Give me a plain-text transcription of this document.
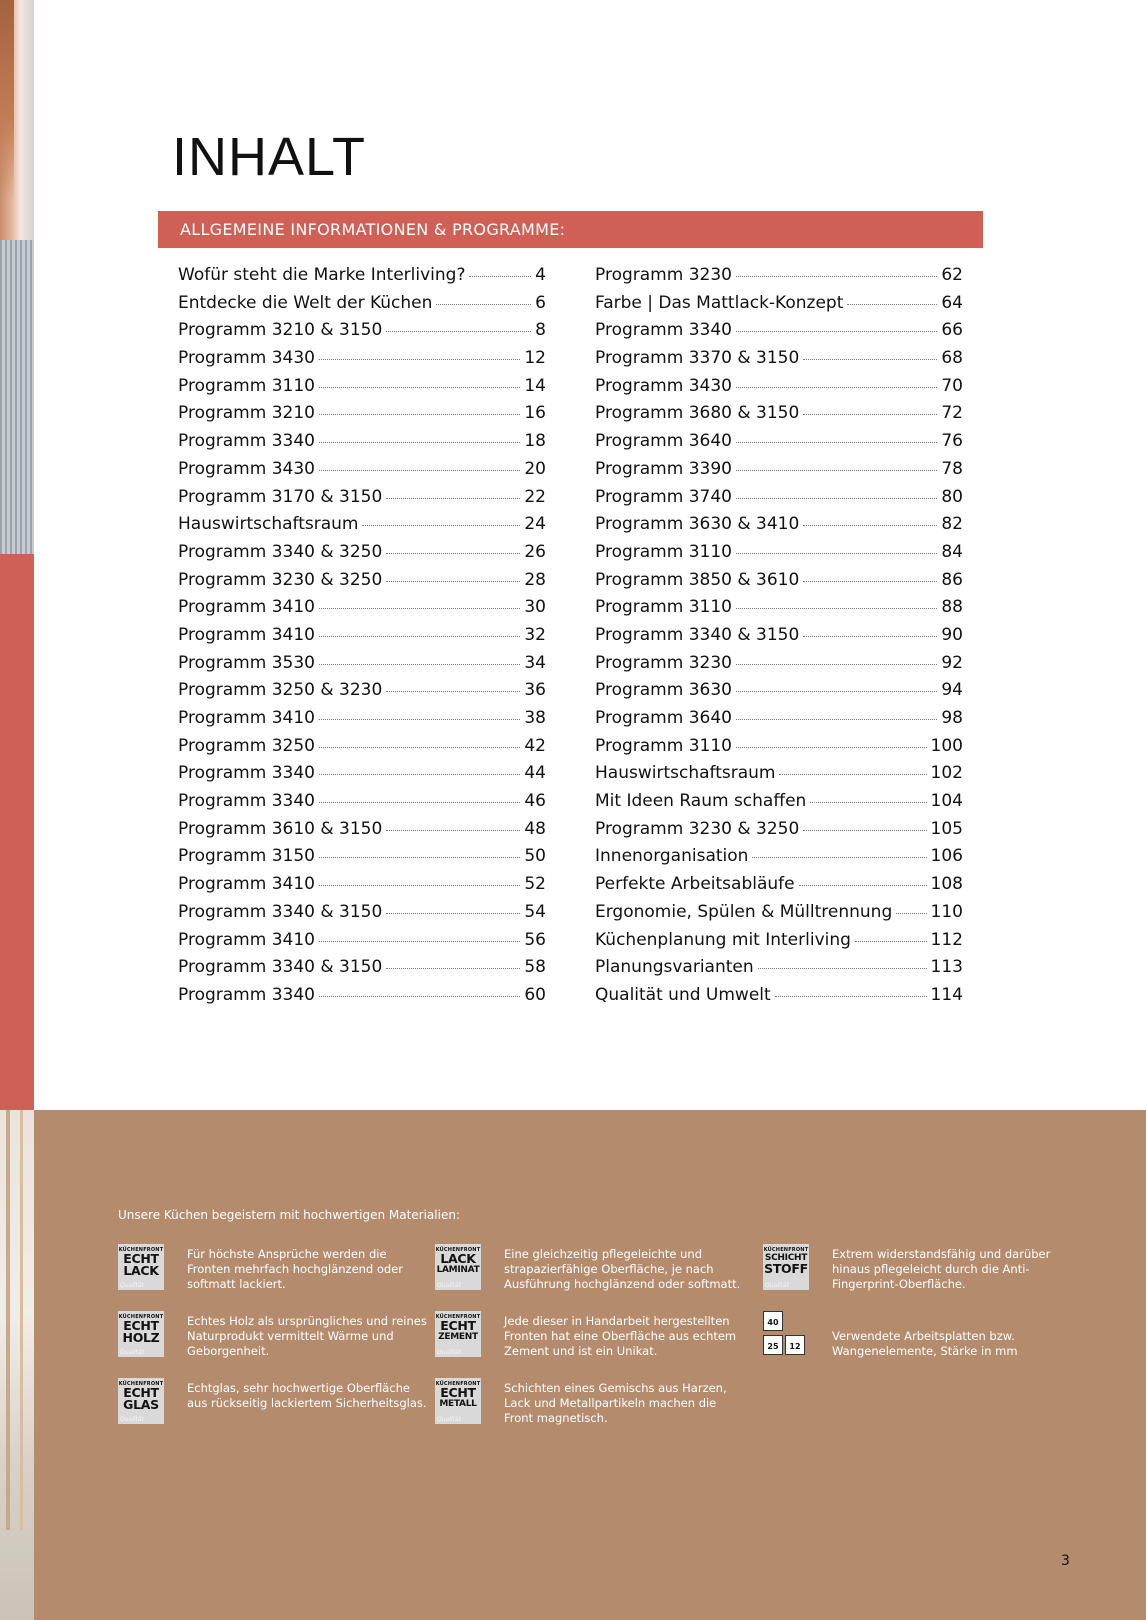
INHALT
ALLGEMEINE INFORMATIONEN & PROGRAMME:
Wofür steht die Marke Interliving?	4
Entdecke die Welt der Küchen	6
Programm 3210 & 3150	8
Programm 3430	12
Programm 3110	14
Programm 3210	16
Programm 3340	18
Programm 3430	20
Programm 3170 & 3150	22
Hauswirtschaftsraum	24
Programm 3340 & 3250	26
Programm 3230 & 3250	28
Programm 3410	30
Programm 3410	32
Programm 3530	34
Programm 3250 & 3230	36
Programm 3410	38
Programm 3250	42
Programm 3340	44
Programm 3340	46
Programm 3610 & 3150	48
Programm 3150	50
Programm 3410	52
Programm 3340 & 3150	54
Programm 3410	56
Programm 3340 & 3150	58
Programm 3340	60
Programm 3230	62
Farbe | Das Mattlack-Konzept	64
Programm 3340	66
Programm 3370 & 3150	68
Programm 3430	70
Programm 3680 & 3150	72
Programm 3640	76
Programm 3390	78
Programm 3740	80
Programm 3630 & 3410	82
Programm 3110	84
Programm 3850 & 3610	86
Programm 3110	88
Programm 3340 & 3150	90
Programm 3230	92
Programm 3630	94
Programm 3640	98
Programm 3110	100
Hauswirtschaftsraum	102
Mit Ideen Raum schaffen	104
Programm 3230 & 3250	105
Innenorganisation	106
Perfekte Arbeitsabläufe	108
Ergonomie, Spülen & Mülltrennung 110
Küchenplanung mit Interliving	112
Planungsvarianten	113
Qualität und Umwelt	114
Unsere Küchen begeistern mit hochwertigen Materialien:
KÜCHENFRONT
ECHT
LACK
Qualität
Für höchste Ansprüche werden die Fronten mehrfach hochglänzend oder softmatt lackiert.
KÜCHENFRONT
LACK

LAMINAT
Qualität
Eine gleichzeitig pflegeleichte und strapazierfähige Oberfläche, je nach Ausführung hochglänzend oder softmatt.
KÜCHENFRONT
SCHICHT
STOFF
Qualität
Extrem widerstandsfähig und darüber hinaus pflegeleicht durch die Anti-Fingerprint-Oberfläche.
KÜCHENFRONT
ECHT
HOLZ
Qualität
Echtes Holz als ursprüngliches und reines Naturprodukt vermittelt Wärme und Geborgenheit.
KÜCHENFRONT
ECHT

ZEMENT
Qualität
Jede dieser in Handarbeit hergestellten Fronten hat eine Oberfläche aus echtem Zement und ist ein Unikat.
40
25	12
Verwendete Arbeitsplatten bzw. Wangenelemente, Stärke in mm
KÜCHENFRONT
ECHT
GLAS
Qualität
Echtglas, sehr hochwertige Oberfläche aus rückseitig lackiertem Sicherheitsglas.
KÜCHENFRONT
ECHT

METALL
Qualität
Schichten eines Gemischs aus Harzen, Lack und Metallpartikeln machen die Front magnetisch.
3
